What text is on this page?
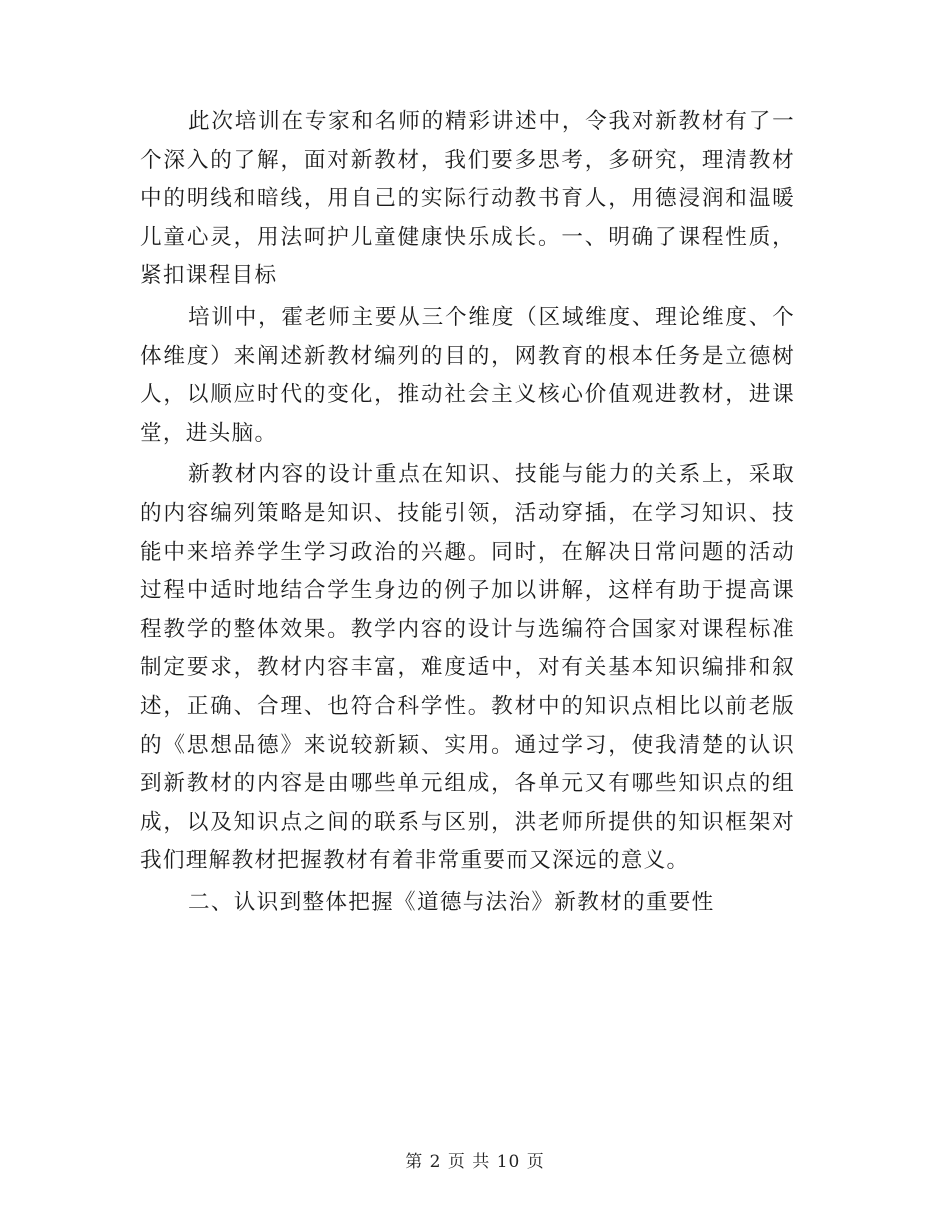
此次培训在专家和名师的精彩讲述中，令我对新教材有了一个深入的了解，面对新教材，我们要多思考，多研究，理清教材中的明线和暗线，用自己的实际行动教书育人，用德浸润和温暖儿童心灵，用法呵护儿童健康快乐成长。一、明确了课程性质，紧扣课程目标

培训中，霍老师主要从三个维度（区域维度、理论维度、个体维度）来阐述新教材编列的目的，网教育的根本任务是立德树人，以顺应时代的变化，推动社会主义核心价值观进教材，进课堂，进头脑。

新教材内容的设计重点在知识、技能与能力的关系上，采取的内容编列策略是知识、技能引领，活动穿插，在学习知识、技能中来培养学生学习政治的兴趣。同时，在解决日常问题的活动过程中适时地结合学生身边的例子加以讲解，这样有助于提高课程教学的整体效果。教学内容的设计与选编符合国家对课程标准制定要求，教材内容丰富，难度适中，对有关基本知识编排和叙述，正确、合理、也符合科学性。教材中的知识点相比以前老版的《思想品德》来说较新颖、实用。通过学习，使我清楚的认识到新教材的内容是由哪些单元组成，各单元又有哪些知识点的组成，以及知识点之间的联系与区别，洪老师所提供的知识框架对我们理解教材把握教材有着非常重要而又深远的意义。

二、认识到整体把握《道德与法治》新教材的重要性

第 2 页 共 10 页
